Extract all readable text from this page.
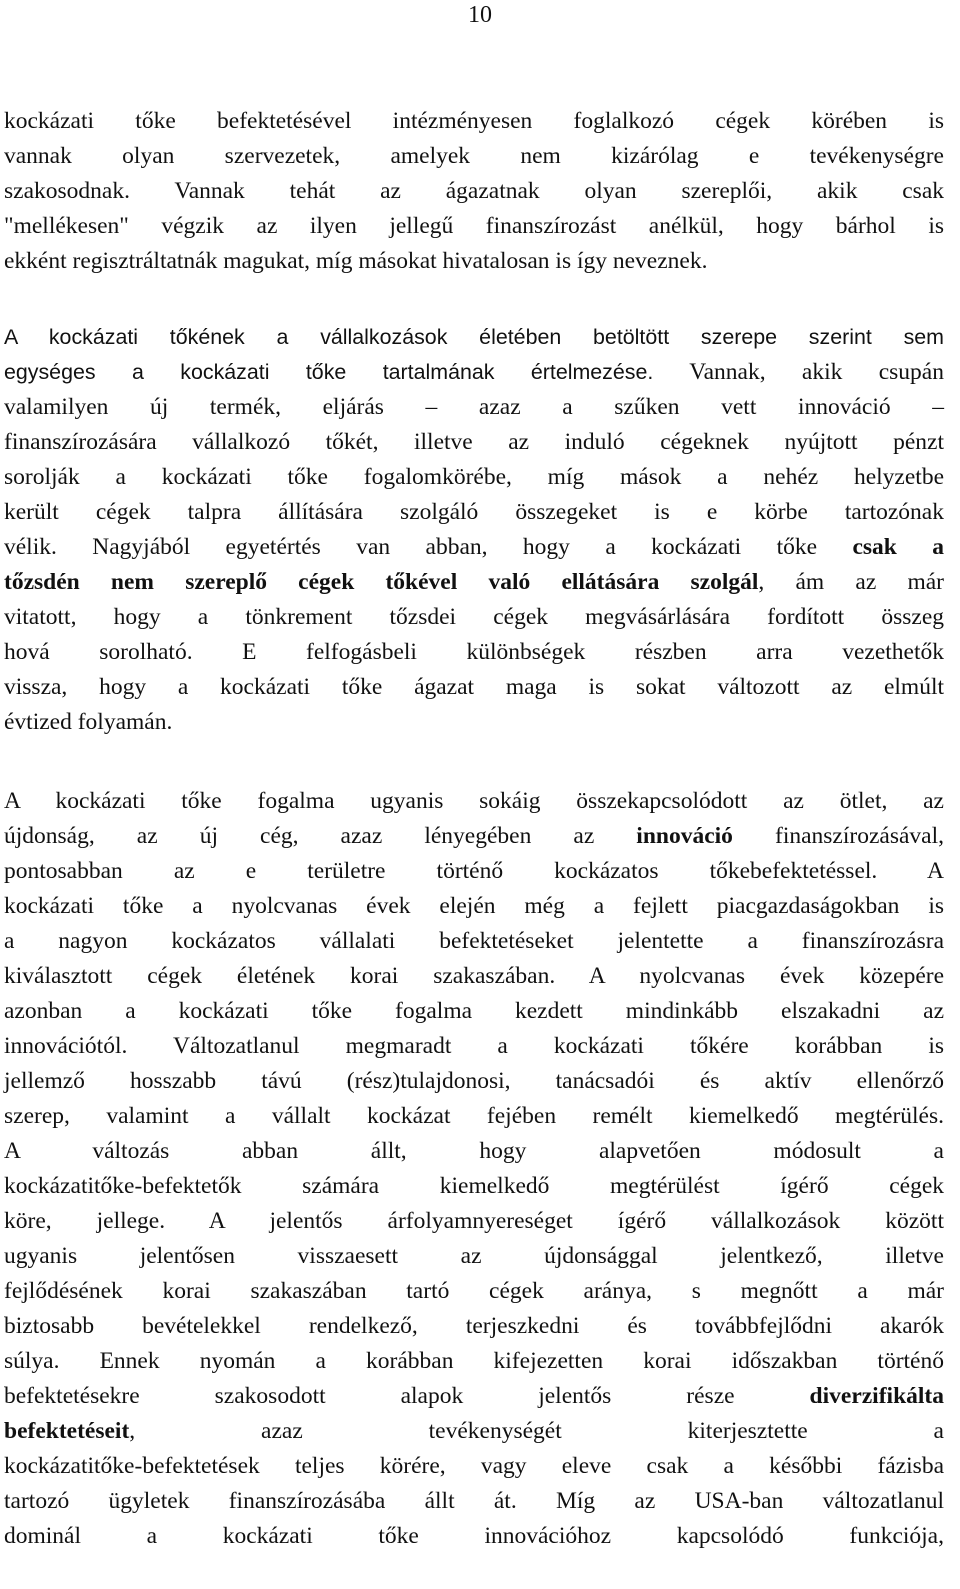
10
kockázati tőke befektetésével intézményesen foglalkozó cégek körében is
vannak olyan szervezetek, amelyek nem kizárólag e tevékenységre
szakosodnak. Vannak tehát az ágazatnak olyan szereplői, akik csak
"mellékesen" végzik az ilyen jellegű finanszírozást anélkül, hogy bárhol is
ekként regisztráltatnák magukat, míg másokat hivatalosan is így neveznek.
A kockázati tőkének a vállalkozások életében betöltött szerepe szerint sem
egységes a kockázati tőke tartalmának értelmezése. Vannak, akik csupán
valamilyen új termék, eljárás – azaz a szűken vett innováció –
finanszírozására vállalkozó tőkét, illetve az induló cégeknek nyújtott pénzt
sorolják a kockázati tőke fogalomkörébe, míg mások a nehéz helyzetbe
került cégek talpra állítására szolgáló összegeket is e körbe tartozónak
vélik. Nagyjából egyetértés van abban, hogy a kockázati tőke csak a
tőzsdén nem szereplő cégek tőkével való ellátására szolgál, ám az már
vitatott, hogy a tönkrement tőzsdei cégek megvásárlására fordított összeg
hová sorolható. E felfogásbeli különbségek részben arra vezethetők
vissza, hogy a kockázati tőke ágazat maga is sokat változott az elmúlt
évtized folyamán.
A kockázati tőke fogalma ugyanis sokáig összekapcsolódott az ötlet, az
újdonság, az új cég, azaz lényegében az innováció finanszírozásával,
pontosabban az e területre történő kockázatos tőkebefektetéssel. A
kockázati tőke a nyolcvanas évek elején még a fejlett piacgazdaságokban is
a nagyon kockázatos vállalati befektetéseket jelentette a finanszírozásra
kiválasztott cégek életének korai szakaszában. A nyolcvanas évek közepére
azonban a kockázati tőke fogalma kezdett mindinkább elszakadni az
innovációtól. Változatlanul megmaradt a kockázati tőkére korábban is
jellemző hosszabb távú (rész)tulajdonosi, tanácsadói és aktív ellenőrző
szerep, valamint a vállalt kockázat fejében remélt kiemelkedő megtérülés.
A változás abban állt, hogy alapvetően módosult a
kockázatitőke-befektetők számára kiemelkedő megtérülést ígérő cégek
köre, jellege. A jelentős árfolyamnyereséget ígérő vállalkozások között
ugyanis jelentősen visszaesett az újdonsággal jelentkező, illetve
fejlődésének korai szakaszában tartó cégek aránya, s megnőtt a már
biztosabb bevételekkel rendelkező, terjeszkedni és továbbfejlődni akarók
súlya. Ennek nyomán a korábban kifejezetten korai időszakban történő
befektetésekre szakosodott alapok jelentős része diverzifikálta
befektetéseit, azaz tevékenységét kiterjesztette a
kockázatitőke-befektetések teljes körére, vagy eleve csak a későbbi fázisba
tartozó ügyletek finanszírozásába állt át. Míg az USA-ban változatlanul
dominál a kockázati tőke innovációhoz kapcsolódó funkciója,
